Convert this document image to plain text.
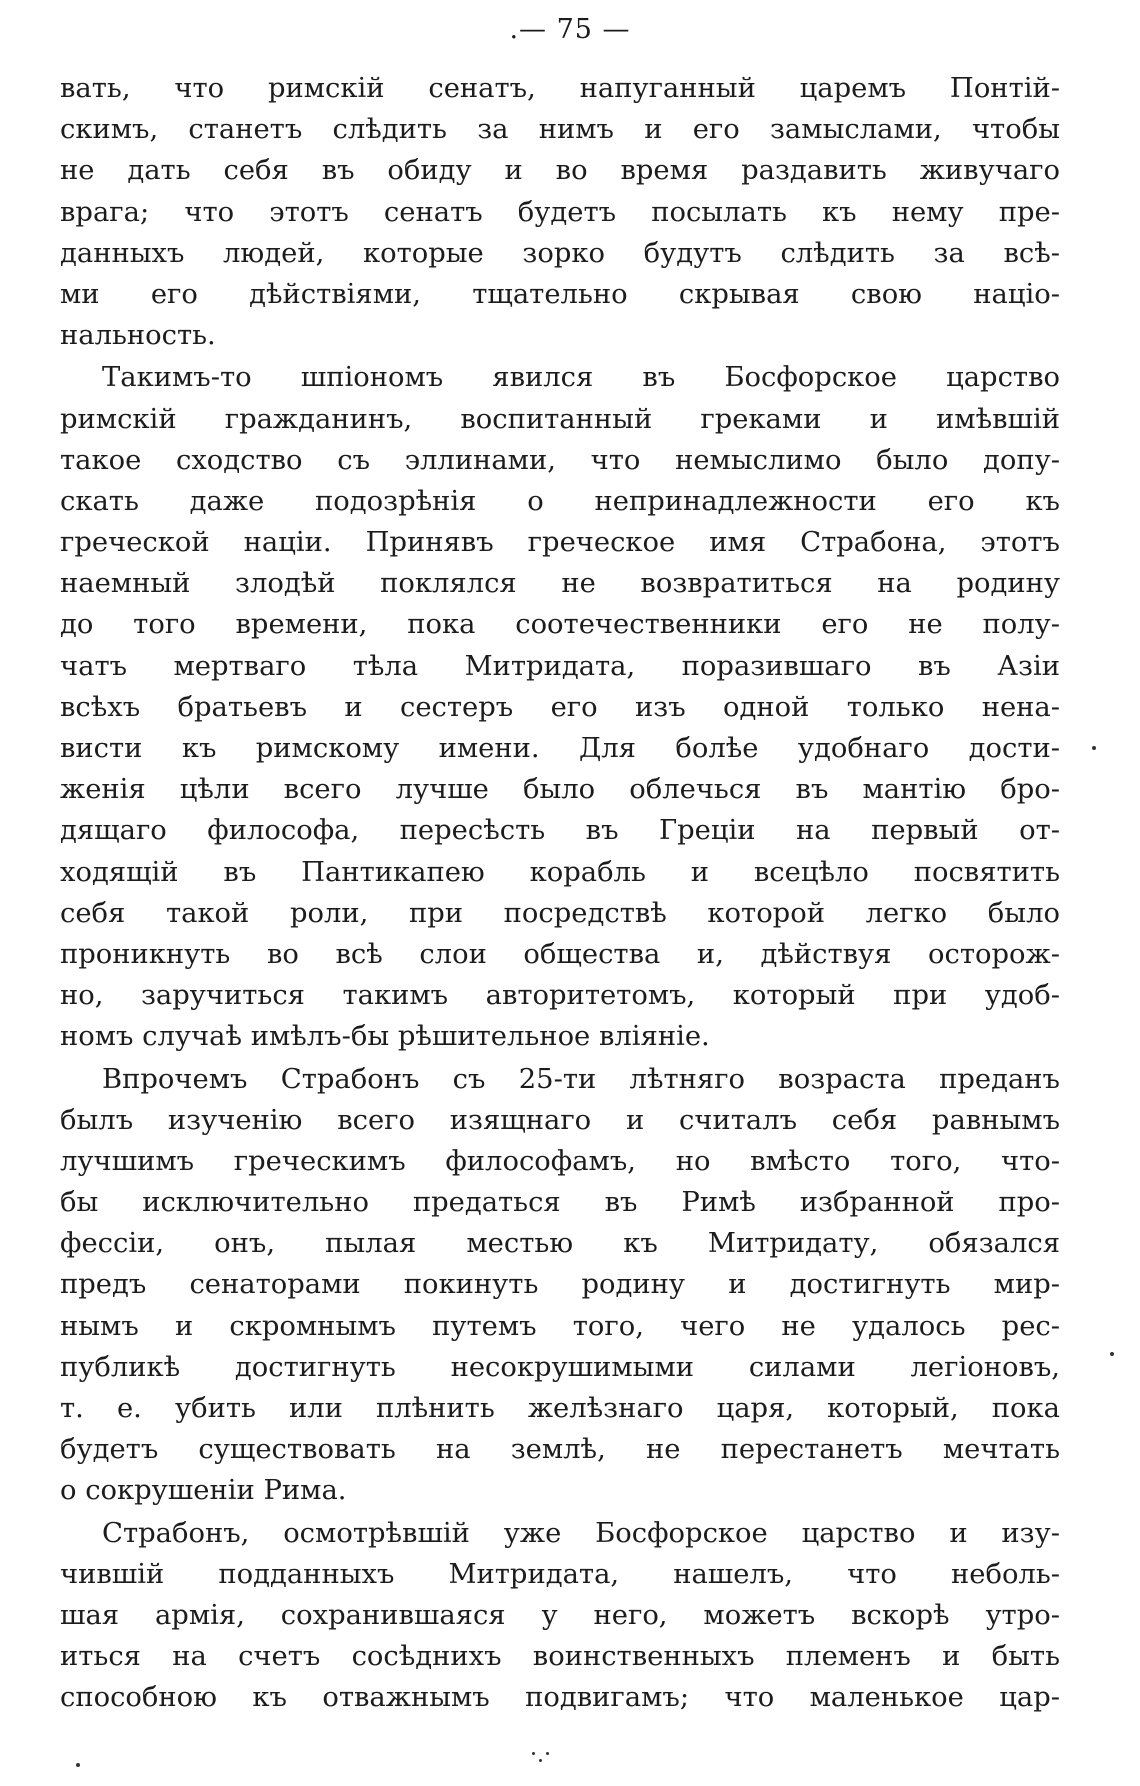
.— 75 —
вать, что римскій сенатъ, напуганный царемъ Понтій-
скимъ, станетъ слѣдить за нимъ и его замыслами, чтобы
не дать себя въ обиду и во время раздавить живучаго
врага; что этотъ сенатъ будетъ посылать къ нему пре-
данныхъ людей, которые зорко будутъ слѣдить за всѣ-
ми его дѣйствіями, тщательно скрывая свою націо-
нальность.
Такимъ-то шпіономъ явился въ Босфорское царство
римскій гражданинъ, воспитанный греками и имѣвшій
такое сходство съ эллинами, что немыслимо было допу-
скать даже подозрѣнія о непринадлежности его къ
греческой націи. Принявъ греческое имя Страбона, этотъ
наемный злодѣй поклялся не возвратиться на родину
до того времени, пока соотечественники его не полу-
чатъ мертваго тѣла Митридата, поразившаго въ Азіи
всѣхъ братьевъ и сестеръ его изъ одной только нена-
висти къ римскому имени. Для болѣе удобнаго дости-
женія цѣли всего лучше было облечься въ мантію бро-
дящаго философа, пересѣсть въ Греціи на первый от-
ходящій въ Пантикапею корабль и всецѣло посвятить
себя такой роли, при посредствѣ которой легко было
проникнуть во всѣ слои общества и, дѣйствуя осторож-
но, заручиться такимъ авторитетомъ, который при удоб-
номъ случаѣ имѣлъ-бы рѣшительное вліяніе.
Впрочемъ Страбонъ съ 25-ти лѣтняго возраста преданъ
былъ изученію всего изящнаго и считалъ себя равнымъ
лучшимъ греческимъ философамъ, но вмѣсто того, что-
бы исключительно предаться въ Римѣ избранной про-
фессіи, онъ, пылая местью къ Митридату, обязался
предъ сенаторами покинуть родину и достигнуть мир-
нымъ и скромнымъ путемъ того, чего не удалось рес-
публикѣ достигнуть несокрушимыми силами легіоновъ,
т. е. убить или плѣнить желѣзнаго царя, который, пока
будетъ существовать на землѣ, не перестанетъ мечтать
о сокрушеніи Рима.
Страбонъ, осмотрѣвшій уже Босфорское царство и изу-
чившій подданныхъ Митридата, нашелъ, что неболь-
шая армія, сохранившаяся у него, можетъ вскорѣ утро-
иться на счетъ сосѣднихъ воинственныхъ племенъ и быть
способною къ отважнымъ подвигамъ; что маленькое цар-
